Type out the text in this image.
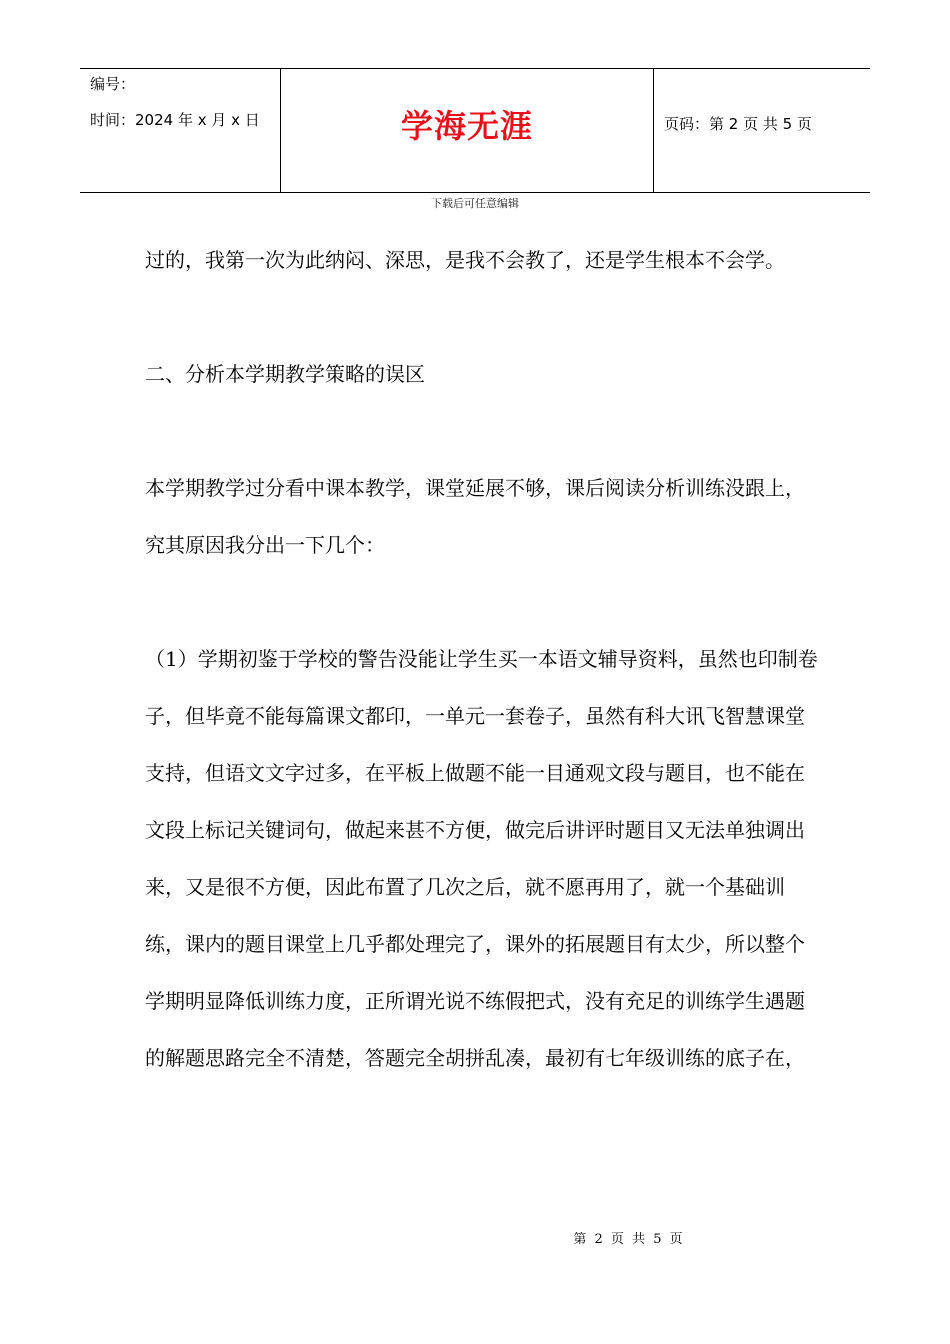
编号：
时间：2024 年 x 月 x 日	学海无涯	页码：第 2 页 共 5 页
下载后可任意编辑

过的，我第一次为此纳闷、深思，是我不会教了，还是学生根本不会学。

二、分析本学期教学策略的误区

本学期教学过分看中课本教学，课堂延展不够，课后阅读分析训练没跟上，究其原因我分出一下几个：

（1）学期初鉴于学校的警告没能让学生买一本语文辅导资料，虽然也印制卷子，但毕竟不能每篇课文都印，一单元一套卷子，虽然有科大讯飞智慧课堂支持，但语文文字过多，在平板上做题不能一目通观文段与题目，也不能在文段上标记关键词句，做起来甚不方便，做完后讲评时题目又无法单独调出来，又是很不方便，因此布置了几次之后，就不愿再用了，就一个基础训练，课内的题目课堂上几乎都处理完了，课外的拓展题目有太少，所以整个学期明显降低训练力度，正所谓光说不练假把式，没有充足的训练学生遇题的解题思路完全不清楚，答题完全胡拼乱凑，最初有七年级训练的底子在，

第 2 页 共 5 页
